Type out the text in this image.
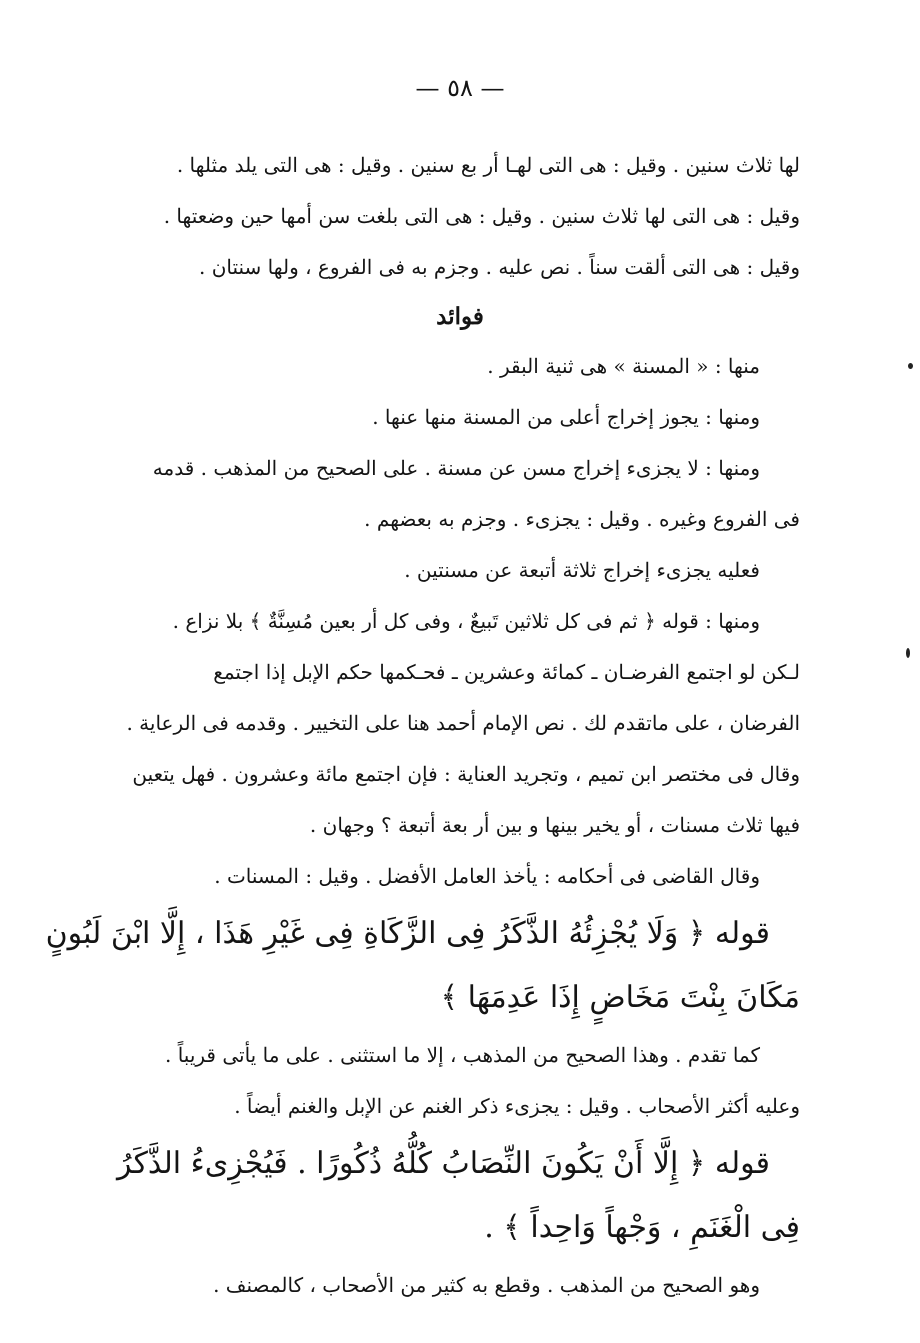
— ٥٨ —
لها ثلاث سنين . وقيل : هى التى لهـا أر بع سنين . وقيل : هى التى يلد مثلها .
وقيل : هى التى لها ثلاث سنين . وقيل : هى التى بلغت سن أمها حين وضعتها .
وقيل : هى التى ألقت سناً . نص عليه . وجزم به فى الفروع ، ولها سنتان .
فوائد
منها : « المسنة » هى ثنية البقر .
ومنها : يجوز إخراج أعلى من المسنة منها عنها .
ومنها : لا يجزىء إخراج مسن عن مسنة . على الصحيح من المذهب . قدمه
فى الفروع وغيره . وقيل : يجزىء . وجزم به بعضهم .
فعليه يجزىء إخراج ثلاثة أتبعة عن مسنتين .
ومنها : قوله ﴿ ثم فى كل ثلاثين تَبيعٌ ، وفى كل أر بعين مُسِنَّةٌ ﴾ بلا نزاع .
لـكن لو اجتمع الفرضـان ـ كمائة وعشرين ـ فحـكمها حكم الإبل إذا اجتمع
الفرضان ، على ماتقدم لك . نص الإمام أحمد هنا على التخيير . وقدمه فى الرعاية .
وقال فى مختصر ابن تميم ، وتجريد العناية : فإن اجتمع مائة وعشرون . فهل يتعين
فيها ثلاث مسنات ، أو يخير بينها و بين أر بعة أتبعة ؟ وجهان .
وقال القاضى فى أحكامه : يأخذ العامل الأفضل . وقيل : المسنات .
قوله ﴿ وَلَا يُجْزِئُهُ الذَّكَرُ فِى الزَّكَاةِ فِى غَيْرِ هَذَا ، إِلَّا ابْنَ لَبُونٍ
مَكَانَ بِنْتَ مَخَاضٍ إِذَا عَدِمَهَا ﴾
كما تقدم . وهذا الصحيح من المذهب ، إلا ما استثنى . على ما يأتى قريباً .
وعليه أكثر الأصحاب . وقيل : يجزىء ذكر الغنم عن الإبل والغنم أيضاً .
قوله ﴿ إِلَّا أَنْ يَكُونَ النِّصَابُ كُلُّهُ ذُكُورًا . فَيُجْزِىءُ الذَّكَرُ
فِى الْغَنَمِ ، وَجْهاً وَاحِداً ﴾ .
وهو الصحيح من المذهب . وقطع به كثير من الأصحاب ، كالمصنف .
